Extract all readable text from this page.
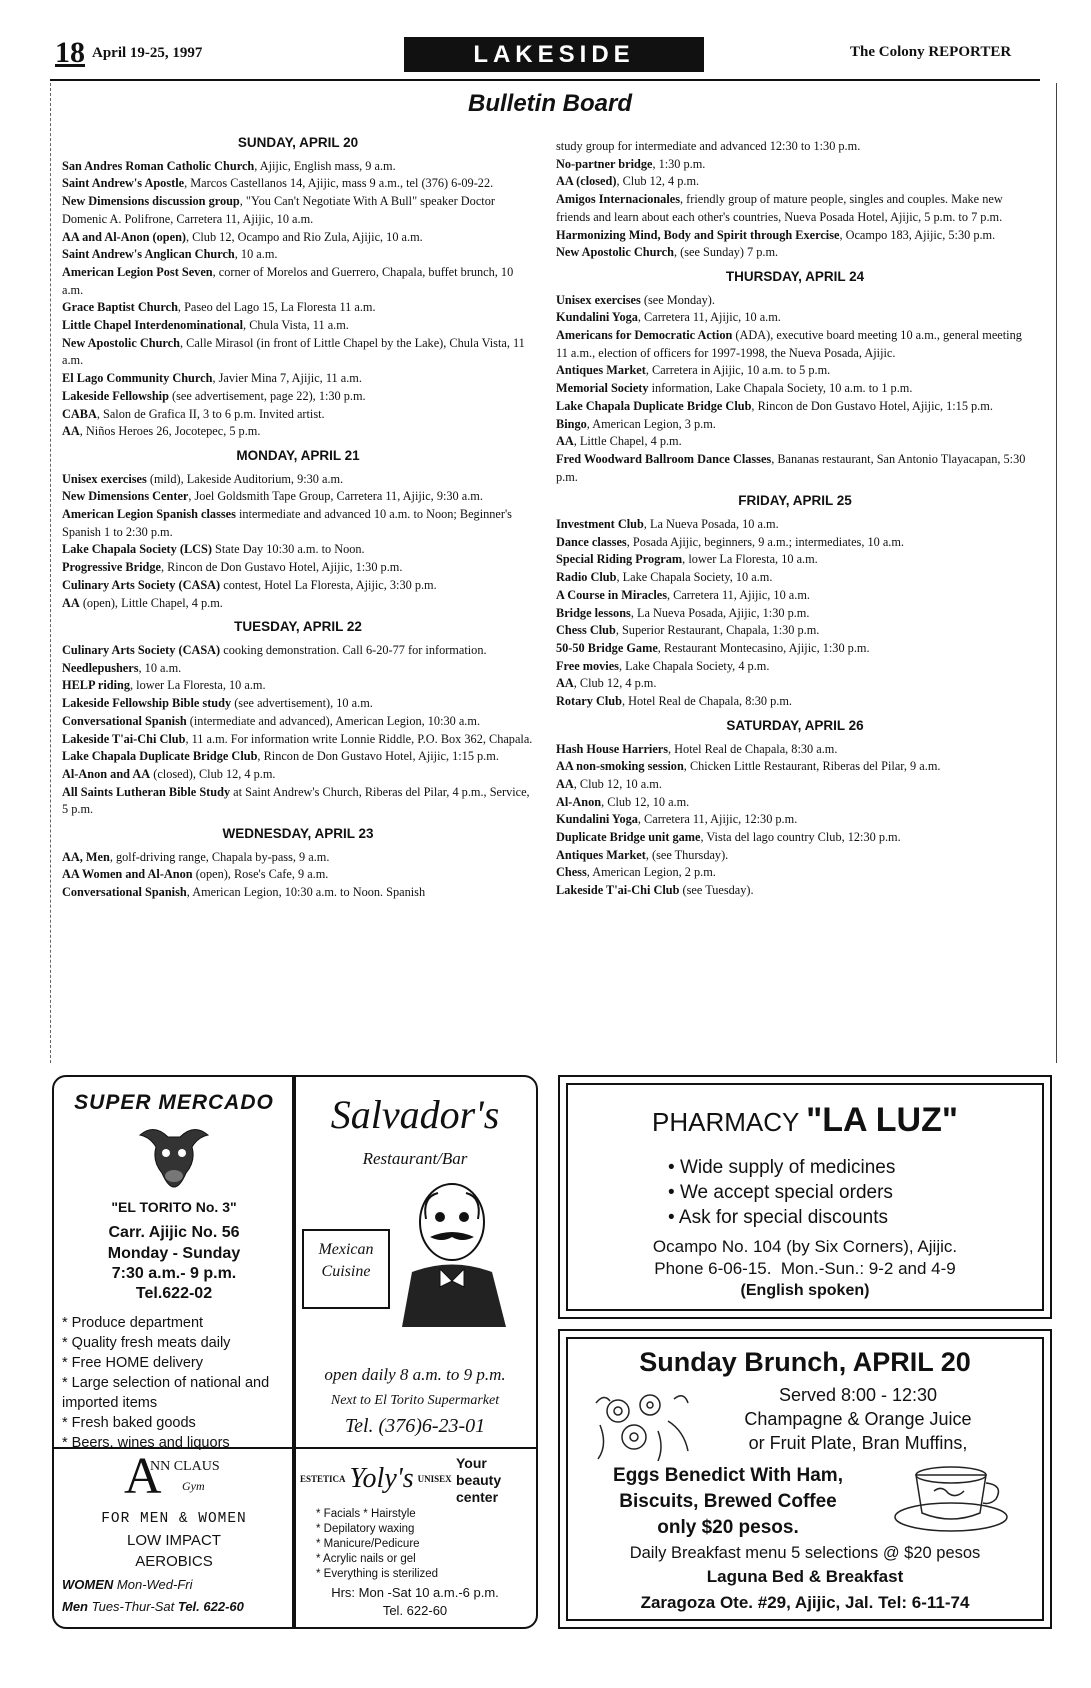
18 April 19-25, 1997	LAKESIDE	The Colony REPORTER
Bulletin Board
SUNDAY, APRIL 20
San Andres Roman Catholic Church, Ajijic, English mass, 9 a.m.
Saint Andrew's Apostle, Marcos Castellanos 14, Ajijic, mass 9 a.m., tel (376) 6-09-22.
New Dimensions discussion group, "You Can't Negotiate With A Bull" speaker Doctor Domenic A. Polifrone, Carretera 11, Ajijic, 10 a.m.
AA and Al-Anon (open), Club 12, Ocampo and Rio Zula, Ajijic, 10 a.m.
Saint Andrew's Anglican Church, 10 a.m.
American Legion Post Seven, corner of Morelos and Guerrero, Chapala, buffet brunch, 10 a.m.
Grace Baptist Church, Paseo del Lago 15, La Floresta 11 a.m.
Little Chapel Interdenominational, Chula Vista, 11 a.m.
New Apostolic Church, Calle Mirasol (in front of Little Chapel by the Lake), Chula Vista, 11 a.m.
El Lago Community Church, Javier Mina 7, Ajijic, 11 a.m.
Lakeside Fellowship (see advertisement, page 22), 1:30 p.m.
CABA, Salon de Grafica II, 3 to 6 p.m. Invited artist.
AA, Niños Heroes 26, Jocotepec, 5 p.m.
MONDAY, APRIL 21
Unisex exercises (mild), Lakeside Auditorium, 9:30 a.m.
New Dimensions Center, Joel Goldsmith Tape Group, Carretera 11, Ajijic, 9:30 a.m.
American Legion Spanish classes intermediate and advanced 10 a.m. to Noon; Beginner's Spanish 1 to 2:30 p.m.
Lake Chapala Society (LCS) State Day 10:30 a.m. to Noon.
Progressive Bridge, Rincon de Don Gustavo Hotel, Ajijic, 1:30 p.m.
Culinary Arts Society (CASA) contest, Hotel La Floresta, Ajijic, 3:30 p.m.
AA (open), Little Chapel, 4 p.m.
TUESDAY, APRIL 22
Culinary Arts Society (CASA) cooking demonstration. Call 6-20-77 for information.
Needlepushers, 10 a.m.
HELP riding, lower La Floresta, 10 a.m.
Lakeside Fellowship Bible study (see advertisement), 10 a.m.
Conversational Spanish (intermediate and advanced), American Legion, 10:30 a.m.
Lakeside T'ai-Chi Club, 11 a.m. For information write Lonnie Riddle, P.O. Box 362, Chapala.
Lake Chapala Duplicate Bridge Club, Rincon de Don Gustavo Hotel, Ajijic, 1:15 p.m.
Al-Anon and AA (closed), Club 12, 4 p.m.
All Saints Lutheran Bible Study at Saint Andrew's Church, Riberas del Pilar, 4 p.m., Service, 5 p.m.
WEDNESDAY, APRIL 23
AA, Men, golf-driving range, Chapala by-pass, 9 a.m.
AA Women and Al-Anon (open), Rose's Cafe, 9 a.m.
Conversational Spanish, American Legion, 10:30 a.m. to Noon. Spanish
study group for intermediate and advanced 12:30 to 1:30 p.m.
No-partner bridge, 1:30 p.m.
AA (closed), Club 12, 4 p.m.
Amigos Internacionales, friendly group of mature people, singles and couples. Make new friends and learn about each other's countries, Nueva Posada Hotel, Ajijic, 5 p.m. to 7 p.m.
Harmonizing Mind, Body and Spirit through Exercise, Ocampo 183, Ajijic, 5:30 p.m.
New Apostolic Church, (see Sunday) 7 p.m.
THURSDAY, APRIL 24
Unisex exercises (see Monday).
Kundalini Yoga, Carretera 11, Ajijic, 10 a.m.
Americans for Democratic Action (ADA), executive board meeting 10 a.m., general meeting 11 a.m., election of officers for 1997-1998, the Nueva Posada, Ajijic.
Antiques Market, Carretera in Ajijic, 10 a.m. to 5 p.m.
Memorial Society information, Lake Chapala Society, 10 a.m. to 1 p.m.
Lake Chapala Duplicate Bridge Club, Rincon de Don Gustavo Hotel, Ajijic, 1:15 p.m.
Bingo, American Legion, 3 p.m.
AA, Little Chapel, 4 p.m.
Fred Woodward Ballroom Dance Classes, Bananas restaurant, San Antonio Tlayacapan, 5:30 p.m.
FRIDAY, APRIL 25
Investment Club, La Nueva Posada, 10 a.m.
Dance classes, Posada Ajijic, beginners, 9 a.m.; intermediates, 10 a.m.
Special Riding Program, lower La Floresta, 10 a.m.
Radio Club, Lake Chapala Society, 10 a.m.
A Course in Miracles, Carretera 11, Ajijic, 10 a.m.
Bridge lessons, La Nueva Posada, Ajijic, 1:30 p.m.
Chess Club, Superior Restaurant, Chapala, 1:30 p.m.
50-50 Bridge Game, Restaurant Montecasino, Ajijic, 1:30 p.m.
Free movies, Lake Chapala Society, 4 p.m.
AA, Club 12, 4 p.m.
Rotary Club, Hotel Real de Chapala, 8:30 p.m.
SATURDAY, APRIL 26
Hash House Harriers, Hotel Real de Chapala, 8:30 a.m.
AA non-smoking session, Chicken Little Restaurant, Riberas del Pilar, 9 a.m.
AA, Club 12, 10 a.m.
Al-Anon, Club 12, 10 a.m.
Kundalini Yoga, Carretera 11, Ajijic, 12:30 p.m.
Duplicate Bridge unit game, Vista del lago country Club, 12:30 p.m.
Antiques Market, (see Thursday).
Chess, American Legion, 2 p.m.
Lakeside T'ai-Chi Club (see Tuesday).
SUPER MERCADO
"EL TORITO No. 3"
Carr. Ajijic No. 56
Monday - Sunday
7:30 a.m.- 9 p.m.
Tel.622-02
* Produce department
* Quality fresh meats daily
* Free HOME delivery
* Large selection of national and imported items
* Fresh baked goods
* Beers, wines and liquors
Salvador's
Restaurant/Bar
Mexican Cuisine
open daily 8 a.m. to 9 p.m.
Next to El Torito Supermarket
Tel. (376)6-23-01
A
NN CLAUS
Gym
FOR MEN & WOMEN
LOW IMPACT
AEROBICS
WOMEN Mon-Wed-Fri
Men Tues-Thur-Sat Tel. 622-60
ESTETICA Yoly's UNISEX
Your beauty center
* Facials * Hairstyle
* Depilatory waxing
* Manicure/Pedicure
* Acrylic nails or gel
* Everything is sterilized
Hrs: Mon -Sat 10 a.m.-6 p.m.
Tel. 622-60
PHARMACY "LA LUZ"
• Wide supply of medicines
• We accept special orders
• Ask for special discounts
Ocampo No. 104 (by Six Corners), Ajijic.
Phone 6-06-15.  Mon.-Sun.: 9-2 and 4-9
(English spoken)
Sunday Brunch, APRIL 20
Served 8:00 - 12:30
Champagne & Orange Juice
or Fruit Plate, Bran Muffins,
Eggs Benedict With Ham,
Biscuits, Brewed Coffee
only $20 pesos.
Daily Breakfast menu 5 selections @ $20 pesos
Laguna Bed & Breakfast
Zaragoza Ote. #29, Ajijic, Jal. Tel: 6-11-74
